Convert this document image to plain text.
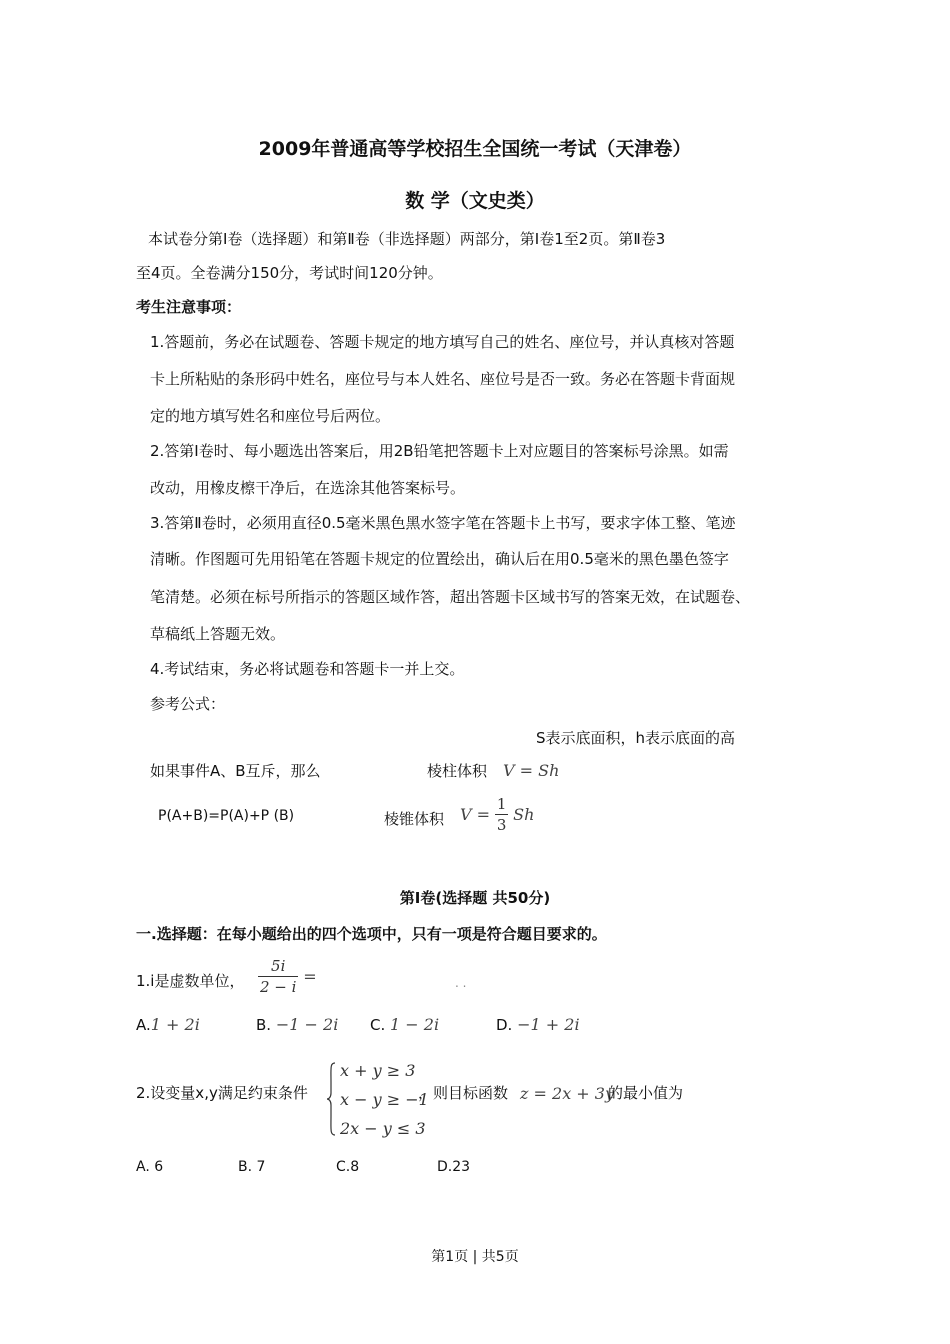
2009年普通高等学校招生全国统一考试（天津卷）
数 学（文史类）
本试卷分第Ⅰ卷（选择题）和第Ⅱ卷（非选择题）两部分，第Ⅰ卷1至2页。第Ⅱ卷3
至4页。全卷满分150分，考试时间120分钟。
考生注意事项：
1.答题前，务必在试题卷、答题卡规定的地方填写自己的姓名、座位号，并认真核对答题
卡上所粘贴的条形码中姓名，座位号与本人姓名、座位号是否一致。务必在答题卡背面规
定的地方填写姓名和座位号后两位。
2.答第Ⅰ卷时、每小题选出答案后，用2B铅笔把答题卡上对应题目的答案标号涂黑。如需
改动，用橡皮檫干净后，在选涂其他答案标号。
3.答第Ⅱ卷时，必须用直径0.5毫米黑色黑水签字笔在答题卡上书写，要求字体工整、笔迹
清晰。作图题可先用铅笔在答题卡规定的位置绘出，确认后在用0.5毫米的黑色墨色签字
笔清楚。必须在标号所指示的答题区域作答，超出答题卡区域书写的答案无效，在试题卷、
草稿纸上答题无效。
4.考试结束，务必将试题卷和答题卡一并上交。
参考公式：
S表示底面积，h表示底面的高
如果事件A、B互斥，那么	棱柱体积 V = Sh
P(A+B)=P(A)+P (B)	棱锥体积 $V = \frac{1}{3}$ Sh
第Ⅰ卷(选择题 共50分)
一.选择题：在每小题给出的四个选项中，只有一项是符合题目要求的。
1.i是虚数单位， $\frac{5i}{2 - i}$ =	. .
A.1 + 2i	B. −1 − 2i C. 1 − 2i	D. −1 + 2i
2.设变量x,y满足约束条件
x + y ≥ 3
x − y ≥ −1
2x − y ≤ 3
，则目标函数 z = 2x + 3y
的最小值为
A. 6	B. 7	C.8	D.23
第1页 | 共5页
